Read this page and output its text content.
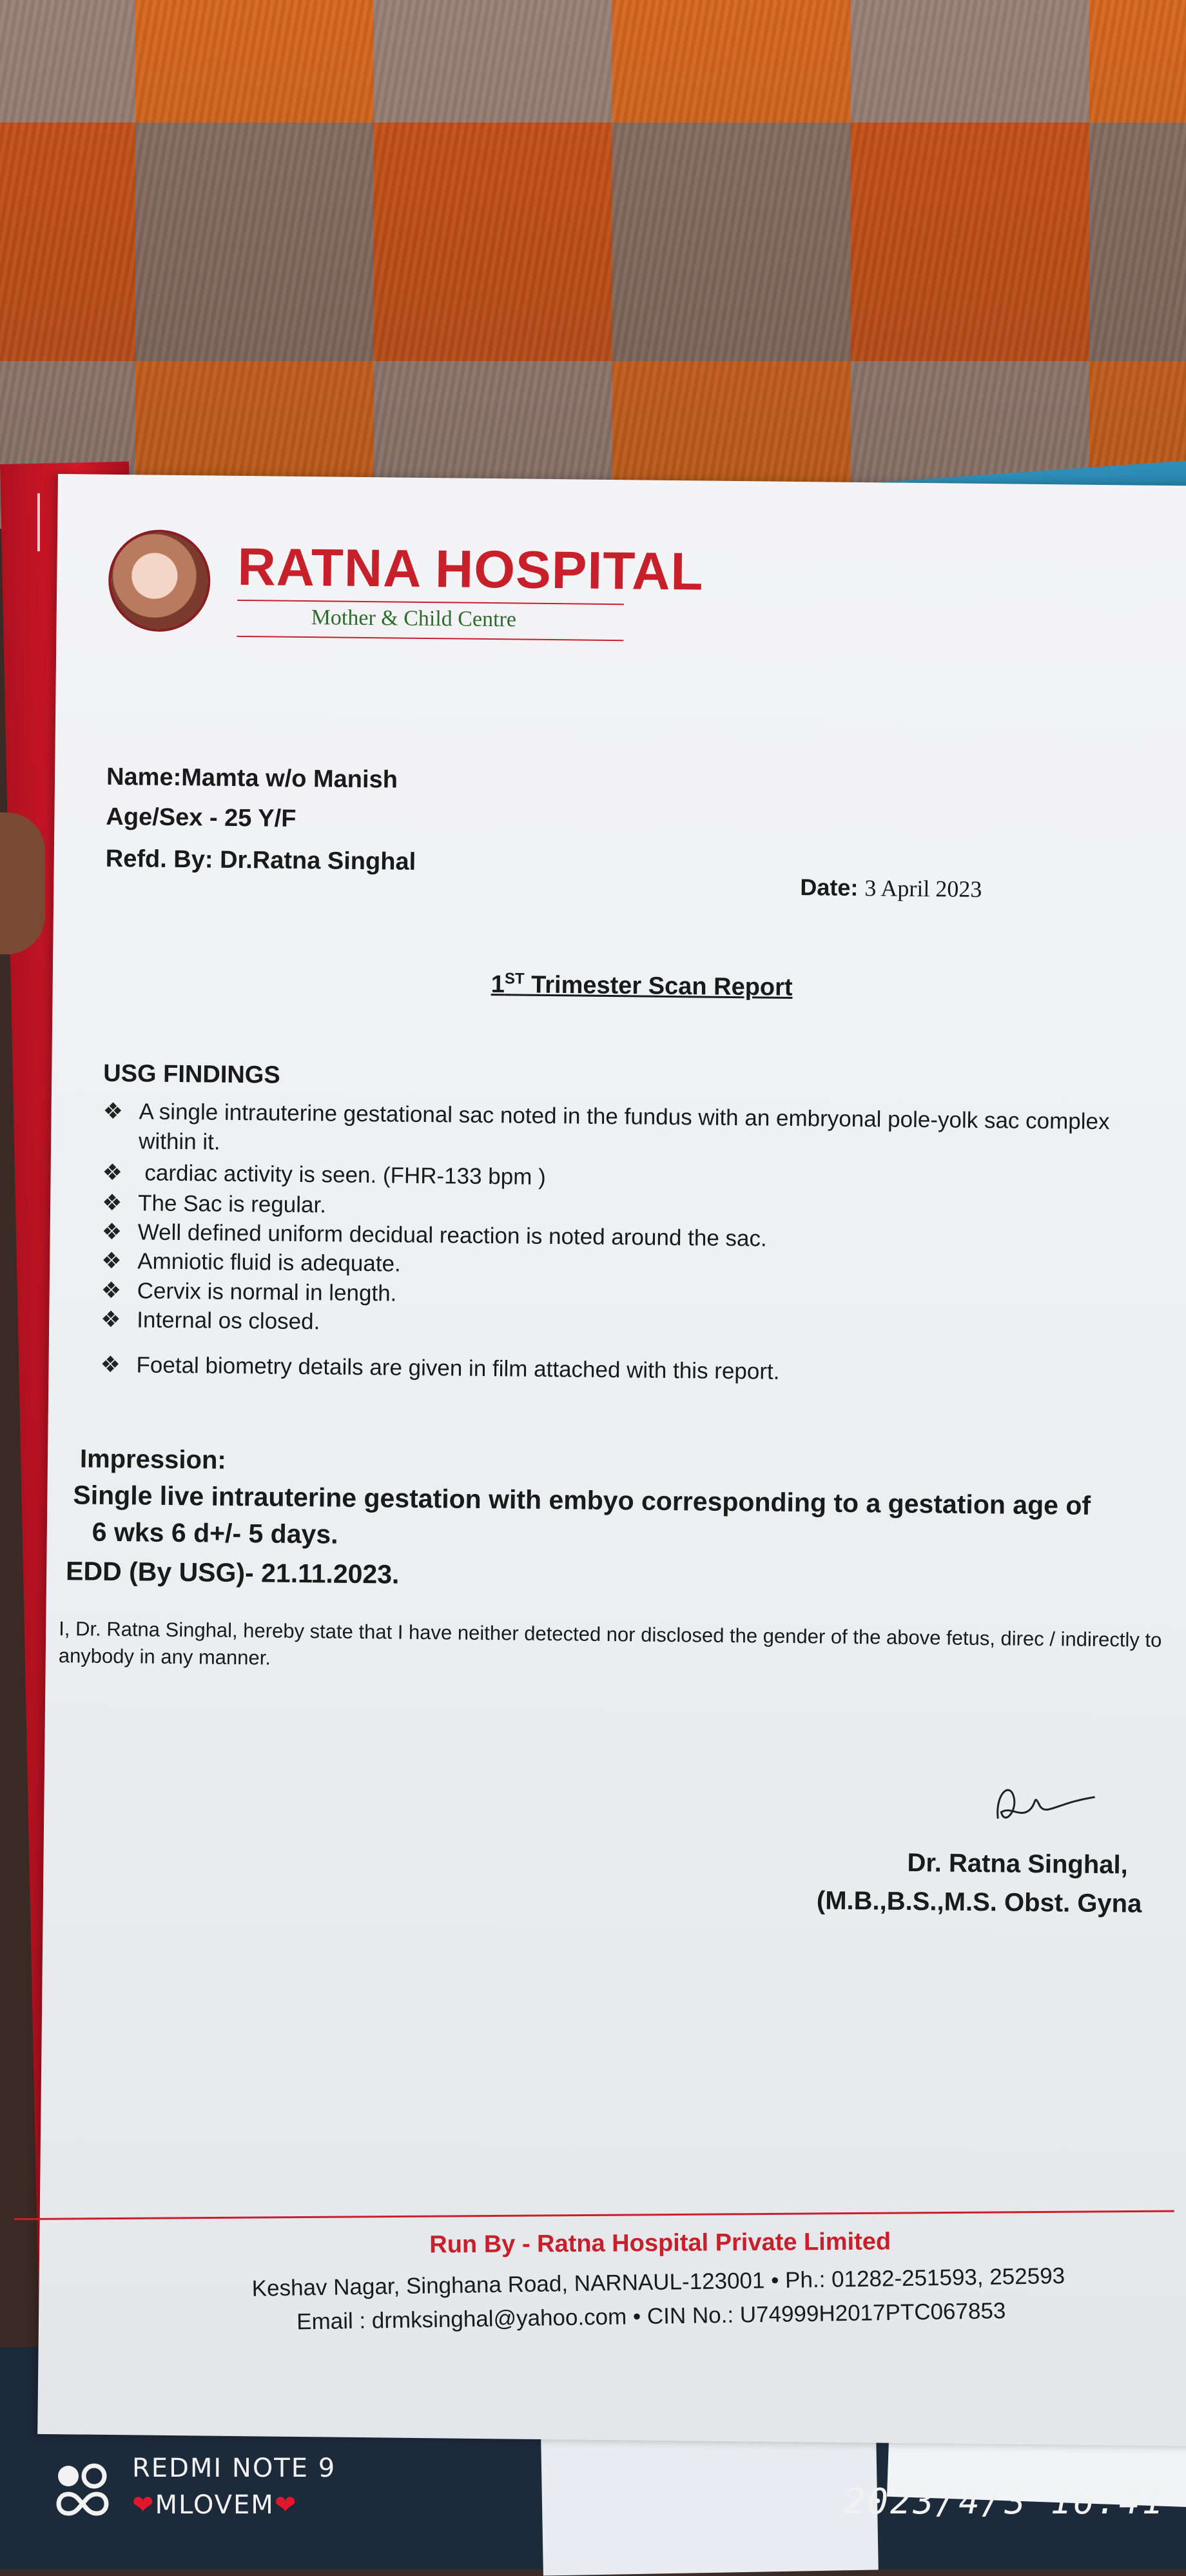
RATNA HOSPITAL
Mother & Child Centre
Name:Mamta w/o Manish
Age/Sex - 25 Y/F
Refd. By: Dr.Ratna Singhal
Date: 3 April 2023
1ST Trimester Scan Report
USG FINDINGS
❖ A single intrauterine gestational sac noted in the fundus with an embryonal pole-yolk sac complex within it.
❖ cardiac activity is seen. (FHR-133 bpm )
❖ The Sac is regular.
❖ Well defined uniform decidual reaction is noted around the sac.
❖ Amniotic fluid is adequate.
❖ Cervix is normal in length.
❖ Internal os closed.
❖ Foetal biometry details are given in film attached with this report.
Impression:
Single live intrauterine gestation with embyo corresponding to a gestation age of
6 wks 6 d+/- 5 days.
EDD (By USG)- 21.11.2023.
I, Dr. Ratna Singhal, hereby state that I have neither detected nor disclosed the gender of the above fetus, direc / indirectly to anybody in any manner.
Dr. Ratna Singhal,
(M.B.,B.S.,M.S. Obst. Gyna
Run By - Ratna Hospital Private Limited
Keshav Nagar, Singhana Road, NARNAUL-123001 • Ph.: 01282-251593, 252593
Email : drmksinghal@yahoo.com • CIN No.: U74999H2017PTC067853
REDMI NOTE 9
❤MLOVEM❤	2023/4/3 16:41
